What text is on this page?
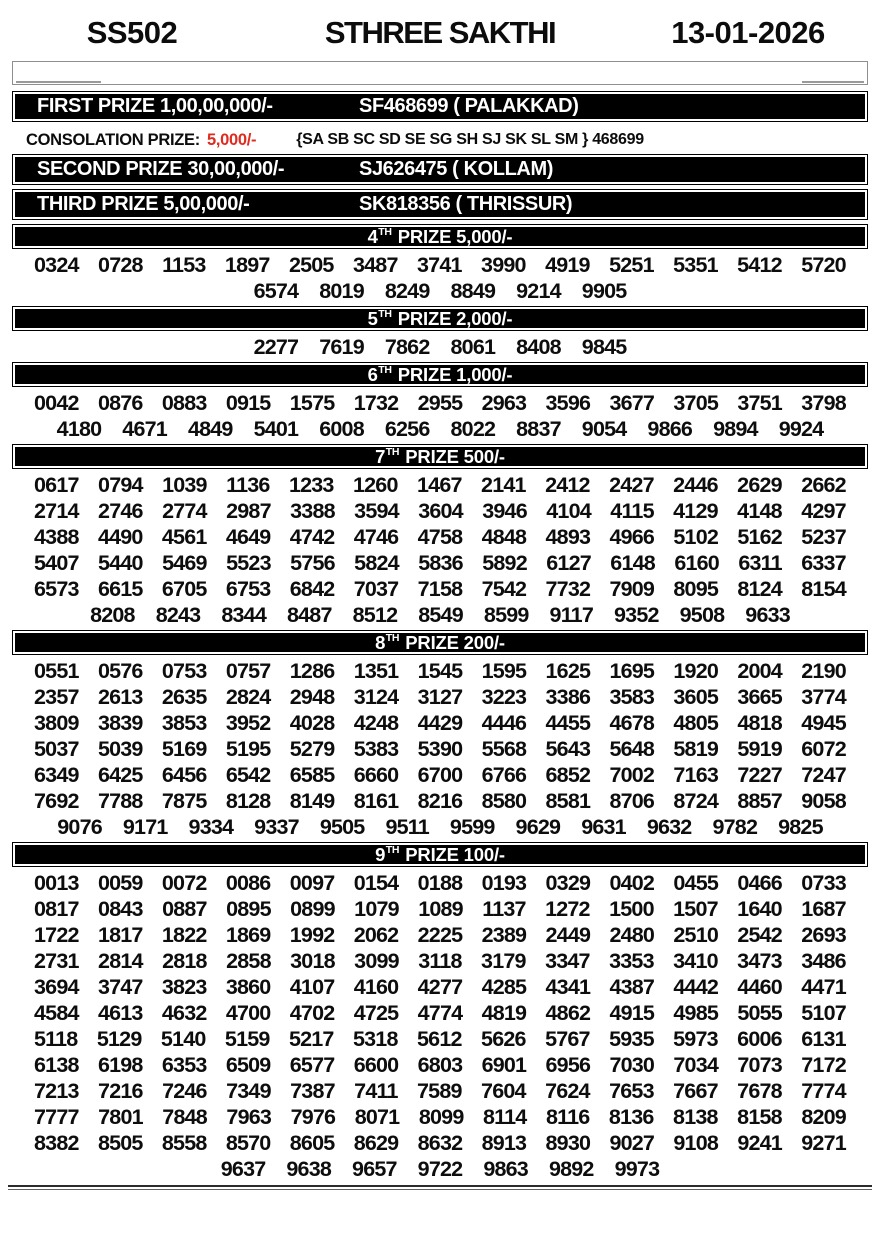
SS502	STHREE SAKTHI	13-01-2026
FIRST PRIZE 1,00,00,000/-	SF468699 ( PALAKKAD)
CONSOLATION PRIZE: 5,000/-	{SA SB SC SD SE SG SH SJ SK SL SM } 468699
SECOND PRIZE 30,00,000/-	SJ626475 ( KOLLAM)
THIRD PRIZE 5,00,000/-	SK818356 ( THRISSUR)
4TH PRIZE 5,000/-
0324 0728 1153 1897 2505 3487 3741 3990 4919 5251 5351 5412 5720
6574 8019 8249 8849 9214 9905
5TH PRIZE 2,000/-
2277 7619 7862 8061 8408 9845
6TH PRIZE 1,000/-
0042 0876 0883 0915 1575 1732 2955 2963 3596 3677 3705 3751 3798
4180 4671 4849 5401 6008 6256 8022 8837 9054 9866 9894 9924
7TH PRIZE 500/-
0617 0794 1039 1136 1233 1260 1467 2141 2412 2427 2446 2629 2662
2714 2746 2774 2987 3388 3594 3604 3946 4104 4115 4129 4148 4297
4388 4490 4561 4649 4742 4746 4758 4848 4893 4966 5102 5162 5237
5407 5440 5469 5523 5756 5824 5836 5892 6127 6148 6160 6311 6337
6573 6615 6705 6753 6842 7037 7158 7542 7732 7909 8095 8124 8154
8208 8243 8344 8487 8512 8549 8599 9117 9352 9508 9633
8TH PRIZE 200/-
0551 0576 0753 0757 1286 1351 1545 1595 1625 1695 1920 2004 2190
2357 2613 2635 2824 2948 3124 3127 3223 3386 3583 3605 3665 3774
3809 3839 3853 3952 4028 4248 4429 4446 4455 4678 4805 4818 4945
5037 5039 5169 5195 5279 5383 5390 5568 5643 5648 5819 5919 6072
6349 6425 6456 6542 6585 6660 6700 6766 6852 7002 7163 7227 7247
7692 7788 7875 8128 8149 8161 8216 8580 8581 8706 8724 8857 9058
9076 9171 9334 9337 9505 9511 9599 9629 9631 9632 9782 9825
9TH PRIZE 100/-
0013 0059 0072 0086 0097 0154 0188 0193 0329 0402 0455 0466 0733
0817 0843 0887 0895 0899 1079 1089 1137 1272 1500 1507 1640 1687
1722 1817 1822 1869 1992 2062 2225 2389 2449 2480 2510 2542 2693
2731 2814 2818 2858 3018 3099 3118 3179 3347 3353 3410 3473 3486
3694 3747 3823 3860 4107 4160 4277 4285 4341 4387 4442 4460 4471
4584 4613 4632 4700 4702 4725 4774 4819 4862 4915 4985 5055 5107
5118 5129 5140 5159 5217 5318 5612 5626 5767 5935 5973 6006 6131
6138 6198 6353 6509 6577 6600 6803 6901 6956 7030 7034 7073 7172
7213 7216 7246 7349 7387 7411 7589 7604 7624 7653 7667 7678 7774
7777 7801 7848 7963 7976 8071 8099 8114 8116 8136 8138 8158 8209
8382 8505 8558 8570 8605 8629 8632 8913 8930 9027 9108 9241 9271
9637 9638 9657 9722 9863 9892 9973
